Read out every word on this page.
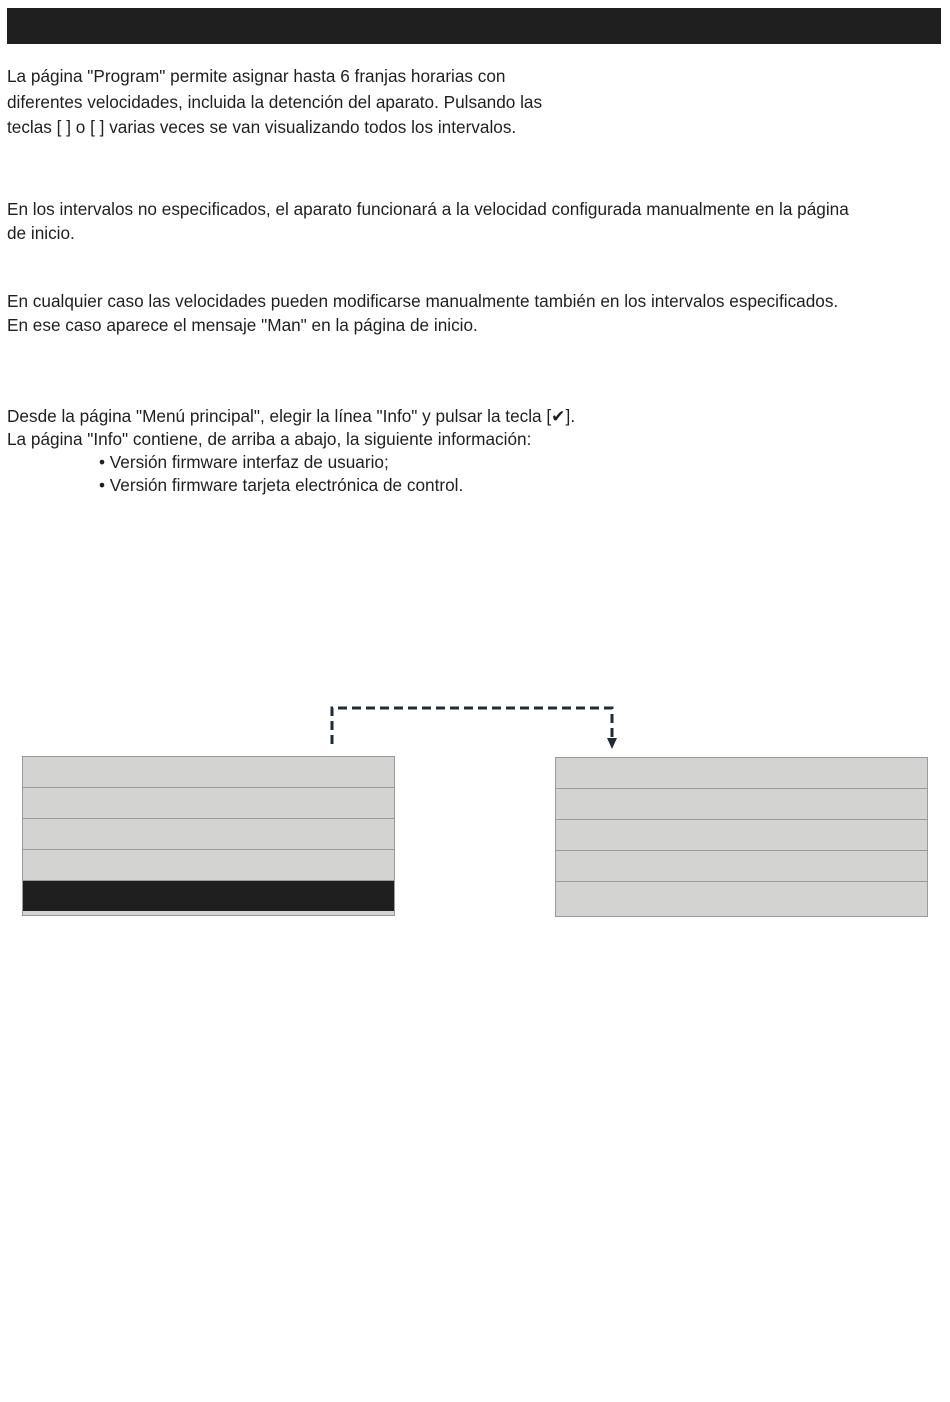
La página "Program" permite asignar hasta 6 franjas horarias con
diferentes velocidades, incluida la detención del aparato. Pulsando las
teclas [ ] o [ ] varias veces se van visualizando todos los intervalos.

En los intervalos no especificados, el aparato funcionará a la velocidad configurada manualmente en la página
de inicio.

En cualquier caso las velocidades pueden modificarse manualmente también en los intervalos especificados.
En ese caso aparece el mensaje "Man" en la página de inicio.

Desde la página "Menú principal", elegir la línea "Info" y pulsar la tecla [✔].
La página "Info" contiene, de arriba a abajo, la siguiente información:
• Versión firmware interfaz de usuario;
• Versión firmware tarjeta electrónica de control.
